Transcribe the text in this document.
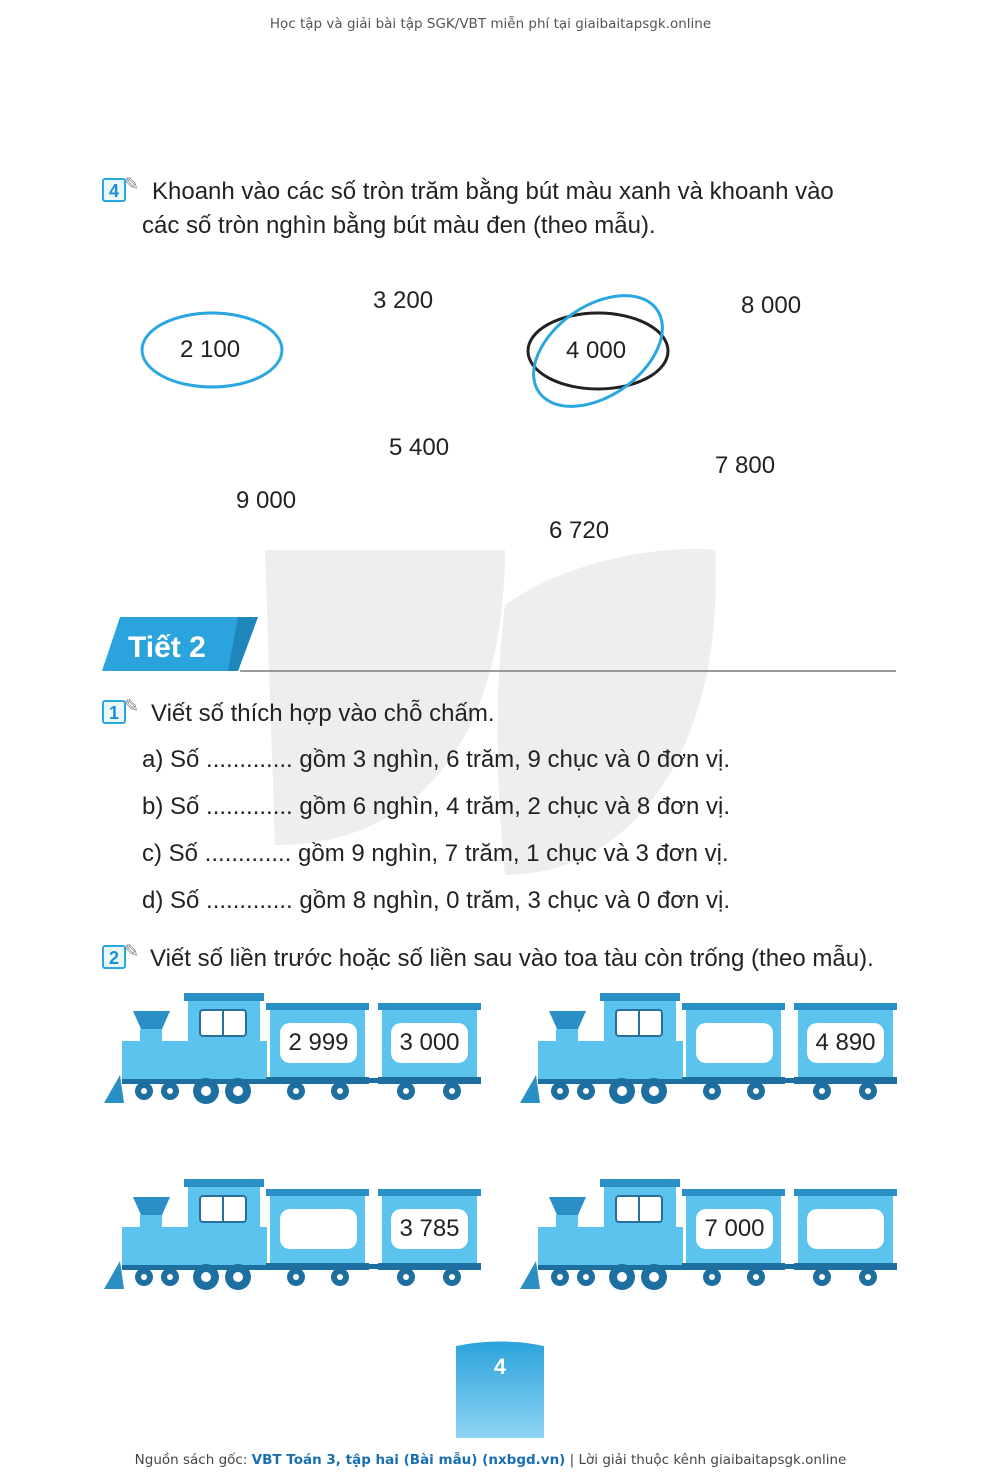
Học tập và giải bài tập SGK/VBT miễn phí tại giaibaitapsgk.online
4 ✎ Khoanh vào các số tròn trăm bằng bút màu xanh và khoanh vào
các số tròn nghìn bằng bút màu đen (theo mẫu).
3 200	8 000
2 100	4 000
5 400
7 800
9 000
6 720
Tiết 2
1 ✎ Viết số thích hợp vào chỗ chấm.
a) Số ............. gồm 3 nghìn, 6 trăm, 9 chục và 0 đơn vị.
b) Số ............. gồm 6 nghìn, 4 trăm, 2 chục và 8 đơn vị.
c) Số ............. gồm 9 nghìn, 7 trăm, 1 chục và 3 đơn vị.
d) Số ............. gồm 8 nghìn, 0 trăm, 3 chục và 0 đơn vị.
2 ✎ Viết số liền trước hoặc số liền sau vào toa tàu còn trống (theo mẫu).
2 999	3 000	4 890
3 785	7 000
4
Nguồn sách gốc: VBT Toán 3, tập hai (Bài mẫu) (nxbgd.vn) | Lời giải thuộc kênh giaibaitapsgk.online
